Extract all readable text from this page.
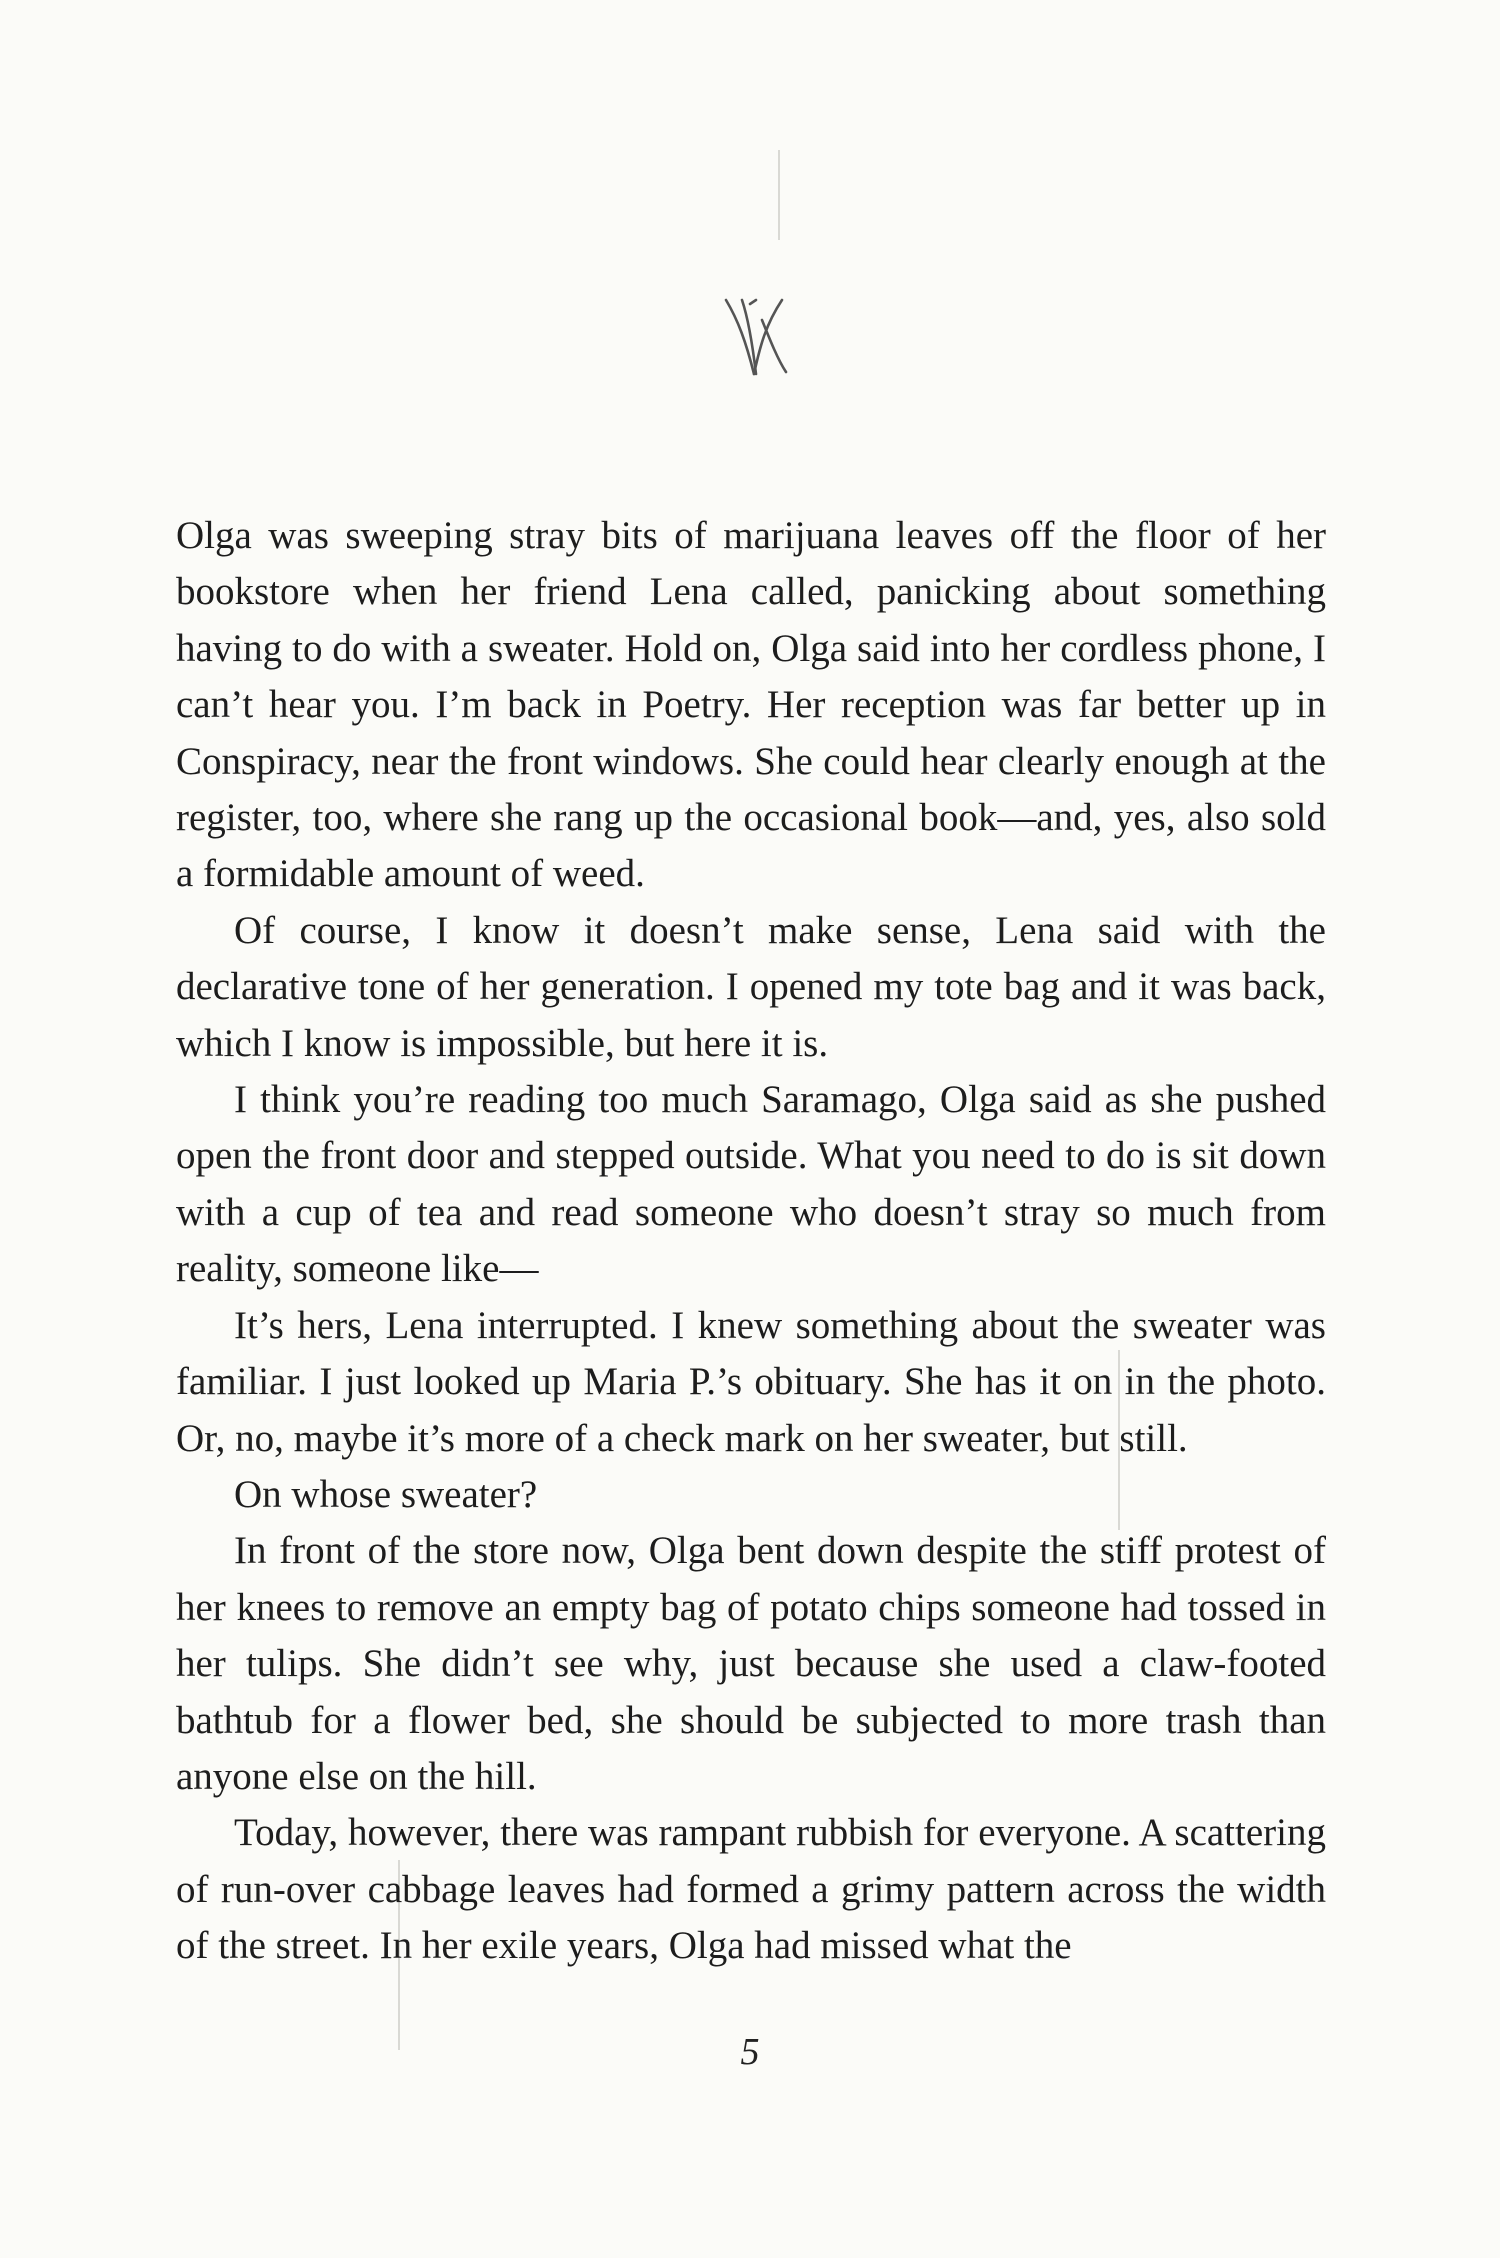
Olga was sweeping stray bits of marijuana leaves off the floor of her bookstore when her friend Lena called, panicking about something having to do with a sweater. Hold on, Olga said into her cordless phone, I can’t hear you. I’m back in Poetry. Her reception was far better up in Conspiracy, near the front windows. She could hear clearly enough at the register, too, where she rang up the occasional book—and, yes, also sold a formidable amount of weed.

Of course, I know it doesn’t make sense, Lena said with the declarative tone of her generation. I opened my tote bag and it was back, which I know is impossible, but here it is.

I think you’re reading too much Saramago, Olga said as she pushed open the front door and stepped outside. What you need to do is sit down with a cup of tea and read someone who doesn’t stray so much from reality, someone like—

It’s hers, Lena interrupted. I knew something about the sweater was familiar. I just looked up Maria P.’s obituary. She has it on in the photo. Or, no, maybe it’s more of a check mark on her sweater, but still.

On whose sweater?

In front of the store now, Olga bent down despite the stiff protest of her knees to remove an empty bag of potato chips someone had tossed in her tulips. She didn’t see why, just because she used a claw-footed bathtub for a flower bed, she should be subjected to more trash than anyone else on the hill.

Today, however, there was rampant rubbish for everyone. A scattering of run-over cabbage leaves had formed a grimy pattern across the width of the street. In her exile years, Olga had missed what the

5
